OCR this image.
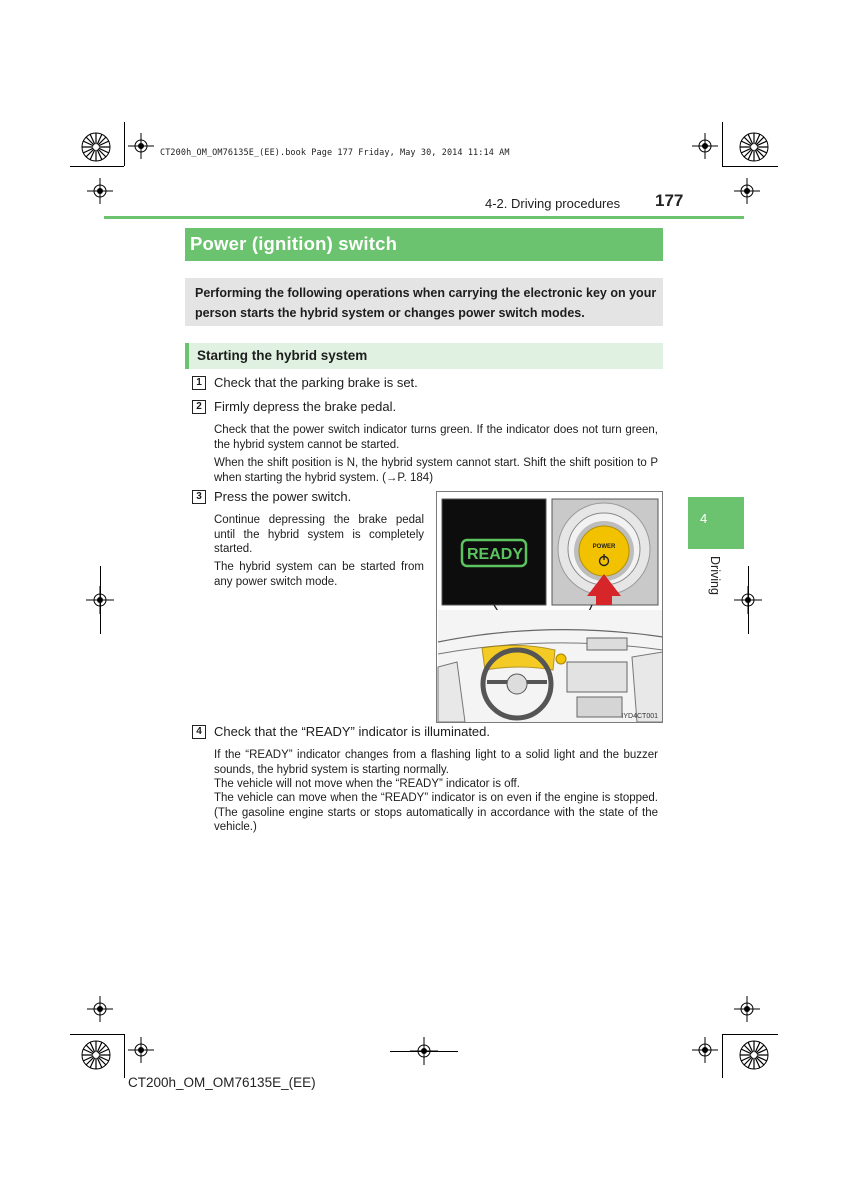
CT200h_OM_OM76135E_(EE).book Page 177 Friday, May 30, 2014 11:14 AM
4-2. Driving procedures 177
4
Driving
Power (ignition) switch

Performing the following operations when carrying the electronic key on your person starts the hybrid system or changes power switch modes.

Starting the hybrid system
1 Check that the parking brake is set.
2 Firmly depress the brake pedal.

Check that the power switch indicator turns green. If the indicator does not turn green, the hybrid system cannot be started.

When the shift position is N, the hybrid system cannot start. Shift the shift position to P when starting the hybrid system. (→P. 184)

3 Press the power switch.

Continue depressing the brake pedal until the hybrid system is completely started.

The hybrid system can be started from any power switch mode.

READY	POWER
IYD4CT001
4 Check that the “READY” indicator is illuminated.

If the “READY” indicator changes from a flashing light to a solid light and the buzzer sounds, the hybrid system is starting normally.

The vehicle will not move when the “READY” indicator is off.

The vehicle can move when the “READY” indicator is on even if the engine is stopped. (The gasoline engine starts or stops automatically in accordance with the state of the vehicle.)

CT200h_OM_OM76135E_(EE)
